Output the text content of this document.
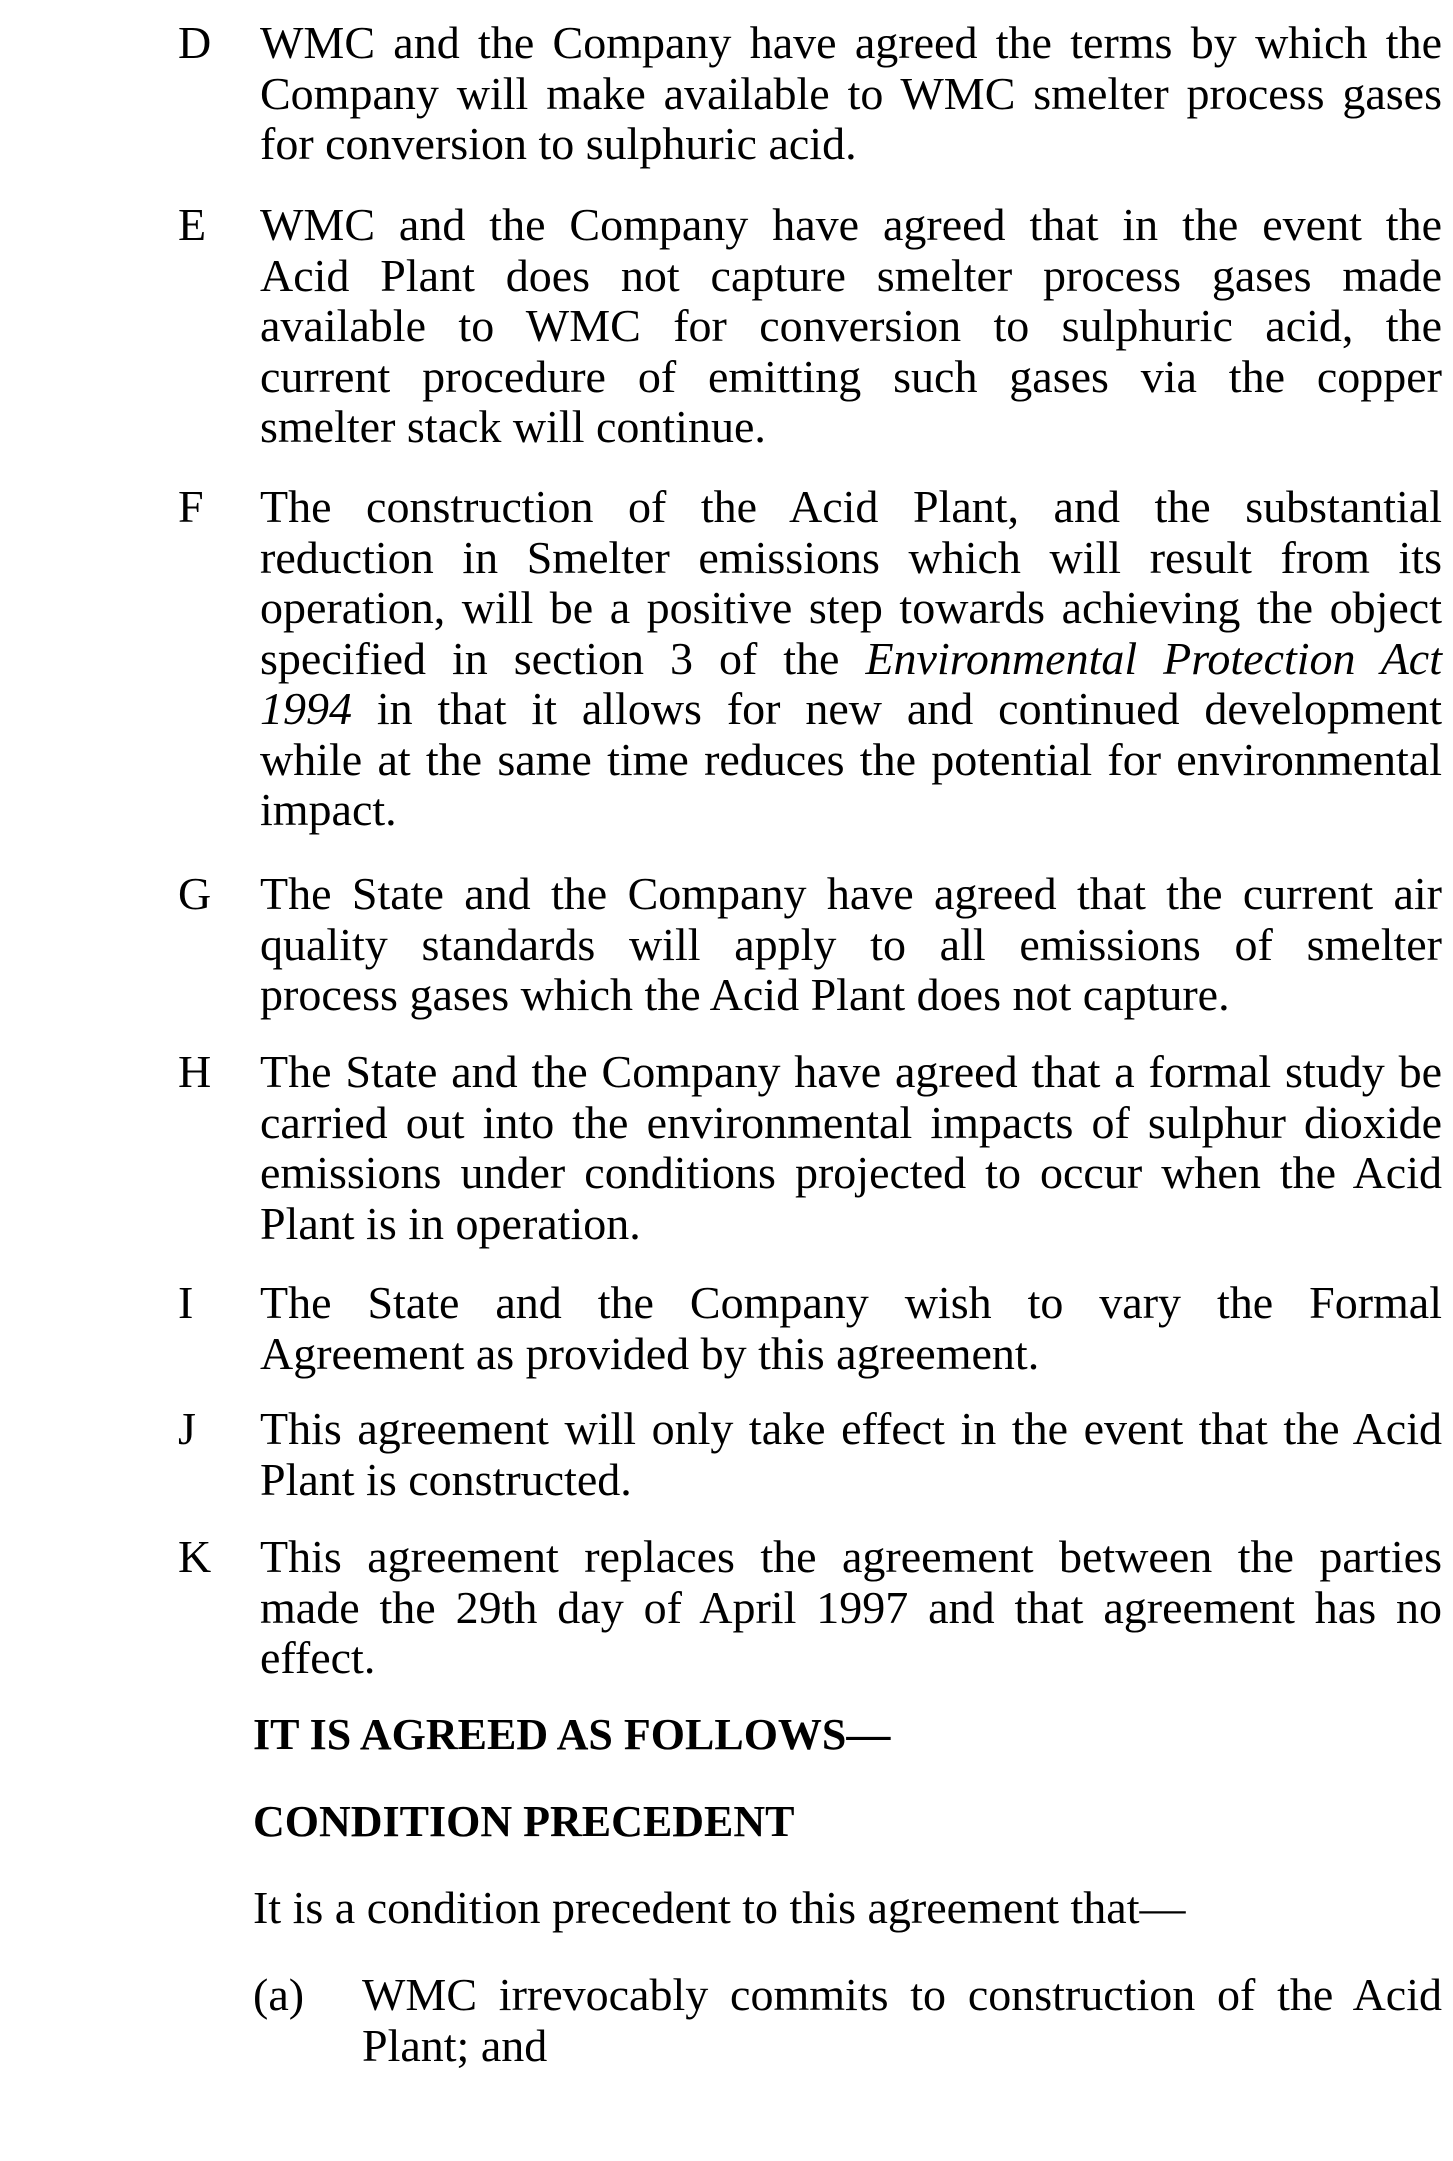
D WMC and the Company have agreed the terms by which the
Company will make available to WMC smelter process gases
for conversion to sulphuric acid.
E WMC and the Company have agreed that in the event the
Acid Plant does not capture smelter process gases made
available to WMC for conversion to sulphuric acid, the
current procedure of emitting such gases via the copper
smelter stack will continue.
F The construction of the Acid Plant, and the substantial
reduction in Smelter emissions which will result from its
operation, will be a positive step towards achieving the object
specified in section 3 of the Environmental Protection Act
1994 in that it allows for new and continued development
while at the same time reduces the potential for environmental
impact.
G The State and the Company have agreed that the current air
quality standards will apply to all emissions of smelter
process gases which the Acid Plant does not capture.
H The State and the Company have agreed that a formal study be
carried out into the environmental impacts of sulphur dioxide
emissions under conditions projected to occur when the Acid
Plant is in operation.
I The State and the Company wish to vary the Formal
Agreement as provided by this agreement.
J This agreement will only take effect in the event that the Acid
Plant is constructed.
K This agreement replaces the agreement between the parties
made the 29th day of April 1997 and that agreement has no
effect.
IT IS AGREED AS FOLLOWS—
CONDITION PRECEDENT
It is a condition precedent to this agreement that—
(a) WMC irrevocably commits to construction of the Acid
Plant; and
